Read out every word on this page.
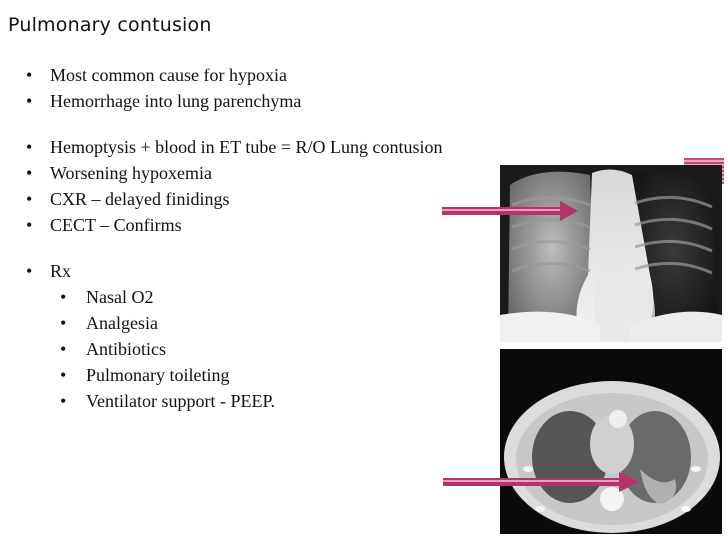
Pulmonary contusion
• Most common cause for hypoxia
• Hemorrhage into lung parenchyma
• Hemoptysis + blood in ET tube = R/O Lung contusion
• Worsening hypoxemia
• CXR – delayed finidings
• CECT – Confirms
• Rx
• Nasal O2
• Analgesia
• Antibiotics
• Pulmonary toileting
• Ventilator support - PEEP.
